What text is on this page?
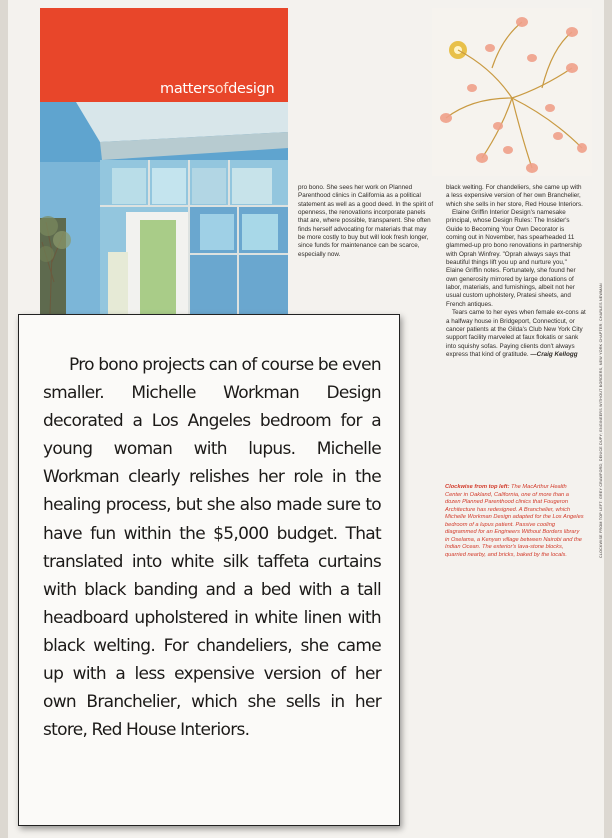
mattersofdesign

pro bono. She sees her work on Planned Parenthood clinics in California as a political statement as well as a good deed. In the spirit of openness, the renovations incorporate panels that are, where possible, transparent. She often finds herself advocating for materials that may be more costly to buy but will look fresh longer, since funds for maintenance can be scarce, especially now.

black welting. For chandeliers, she came up with a less expensive version of her own Branchelier, which she sells in her store, Red House Interiors.

Elaine Griffin Interior Design's namesake principal, whose Design Rules: The Insider's Guide to Becoming Your Own Decorator is coming out in November, has spearheaded 11 glammed-up pro bono renovations in partnership with Oprah Winfrey. "Oprah always says that beautiful things lift you up and nurture you," Elaine Griffin notes. Fortunately, she found her own generosity mirrored by large donations of labor, materials, and furnishings, albeit not her usual custom upholstery, Pratesi sheets, and French antiques.

Tears came to her eyes when female ex-cons at a halfway house in Bridgeport, Connecticut, or cancer patients at the Gilda's Club New York City support facility marveled at faux flokatis or sank into squishy sofas. Paying clients don't always express that kind of gratitude. —Craig Kellogg

Clockwise from top left: The MacArthur Health Center in Oakland, California, one of more than a dozen Planned Parenthood clinics that Fougeron Architecture has redesigned. A Branchelier, which Michelle Workman Design adapted for the Los Angeles bedroom of a lupus patient. Passive cooling diagrammed for an Engineers Without Borders library in Oselama, a Kenyan village between Nairobi and the Indian Ocean. The exterior's lava-stone blocks, quarried nearby, and bricks, baked by the locals.	CLOCKWISE FROM TOP LEFT: GREY CRAWFORD; DENICE DUPY; ENGINEERS WITHOUT BORDERS, NEW YORK CHAPTER; CHARLES NEWMAN

Pro bono projects can of course be even smaller. Michelle Workman Design decorated a Los Angeles bedroom for a young woman with lupus. Michelle Workman clearly relishes her role in the healing process, but she also made sure to have fun within the $5,000 budget. That translated into white silk taffeta curtains with black banding and a bed with a tall headboard upholstered in white linen with black welting. For chandeliers, she came up with a less expensive version of her own Branchelier, which she sells in her store, Red House Interiors.
